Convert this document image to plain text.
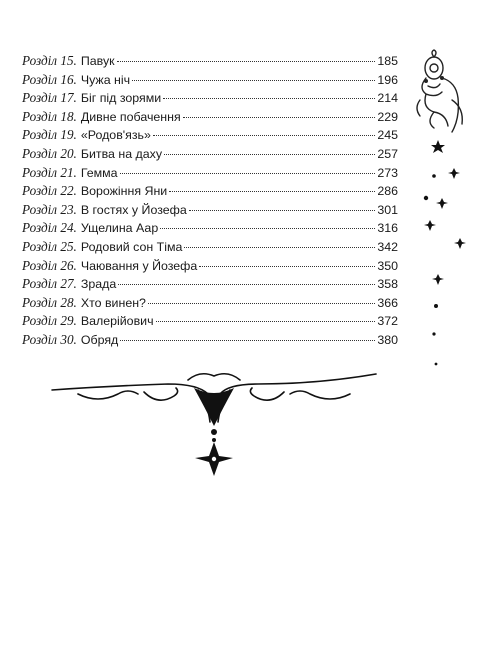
Розділ 15. Павук	185
Розділ 16. Чужа ніч	196
Розділ 17. Біг під зорями	214
Розділ 18. Дивне побачення	229
Розділ 19. «Родов'язь»	245
Розділ 20. Битва на даху	257
Розділ 21. Гемма	273
Розділ 22. Ворожіння Яни	286
Розділ 23. В гостях у Йозефа	301
Розділ 24. Ущелина Аар	316
Розділ 25. Родовий сон Тіма	342
Розділ 26. Чаювання у Йозефа	350
Розділ 27. Зрада	358
Розділ 28. Хто винен?	366
Розділ 29. Валерійович	372
Розділ 30. Обряд	380
